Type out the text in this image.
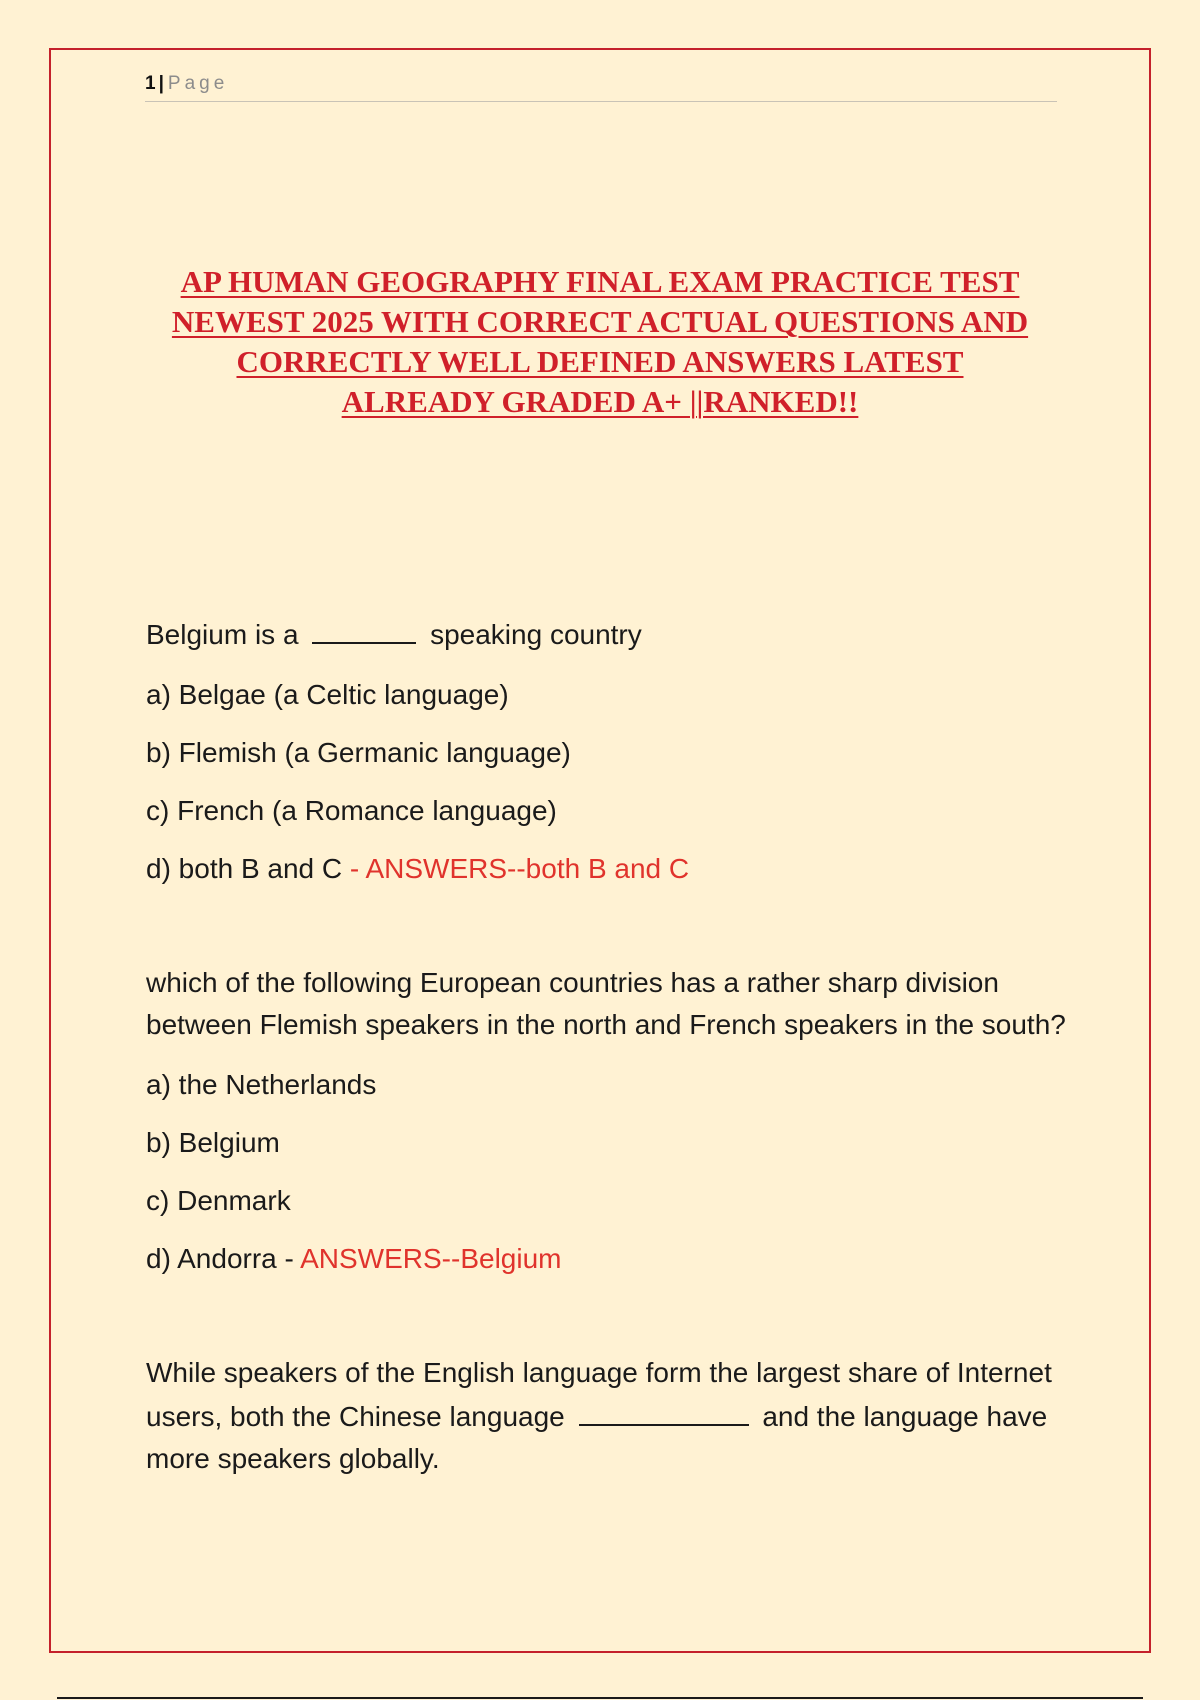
1 | Page
AP HUMAN GEOGRAPHY FINAL EXAM PRACTICE TEST
NEWEST 2025 WITH CORRECT ACTUAL QUESTIONS AND
CORRECTLY WELL DEFINED ANSWERS LATEST
ALREADY GRADED A+ ||RANKED!!

Belgium is a	speaking country

a) Belgae (a Celtic language)

b) Flemish (a Germanic language)

c) French (a Romance language)

d) both B and C - ANSWERS--both B and C

which of the following European countries has a rather sharp division between Flemish speakers in the north and French speakers in the south?

a) the Netherlands

b) Belgium

c) Denmark

d) Andorra - ANSWERS--Belgium

While speakers of the English language form the largest share of Internet users, both the Chinese language	and the language have more speakers globally.
